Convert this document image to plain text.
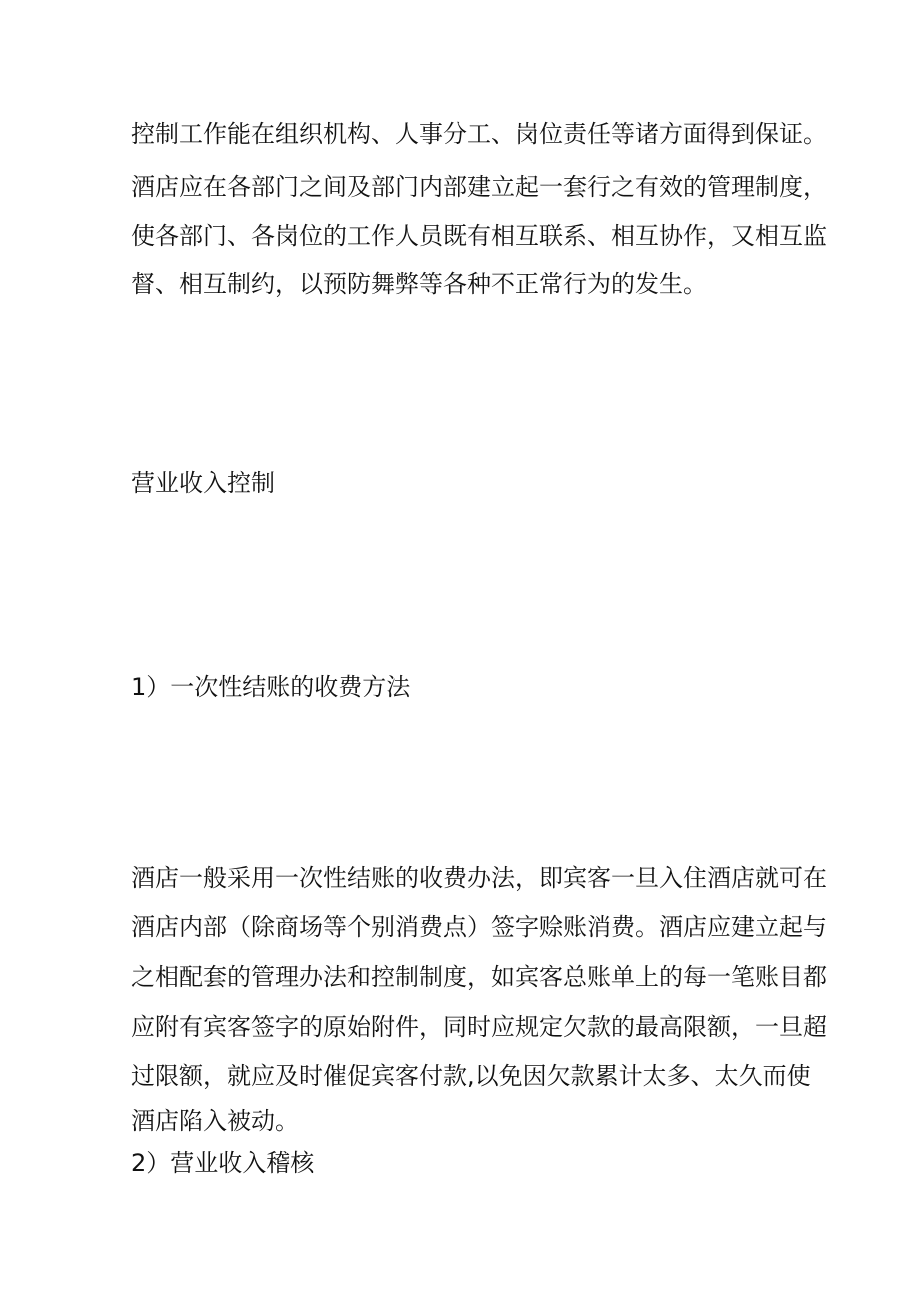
控制工作能在组织机构、人事分工、岗位责任等诸方面得到保证。
酒店应在各部门之间及部门内部建立起一套行之有效的管理制度，
使各部门、各岗位的工作人员既有相互联系、相互协作，又相互监
督、相互制约，以预防舞弊等各种不正常行为的发生。
营业收入控制
1）一次性结账的收费方法
酒店一般采用一次性结账的收费办法，即宾客一旦入住酒店就可在
酒店内部（除商场等个别消费点）签字赊账消费。酒店应建立起与
之相配套的管理办法和控制制度，如宾客总账单上的每一笔账目都
应附有宾客签字的原始附件，同时应规定欠款的最高限额，一旦超
过限额，就应及时催促宾客付款,以免因欠款累计太多、太久而使
酒店陷入被动。
2）营业收入稽核
